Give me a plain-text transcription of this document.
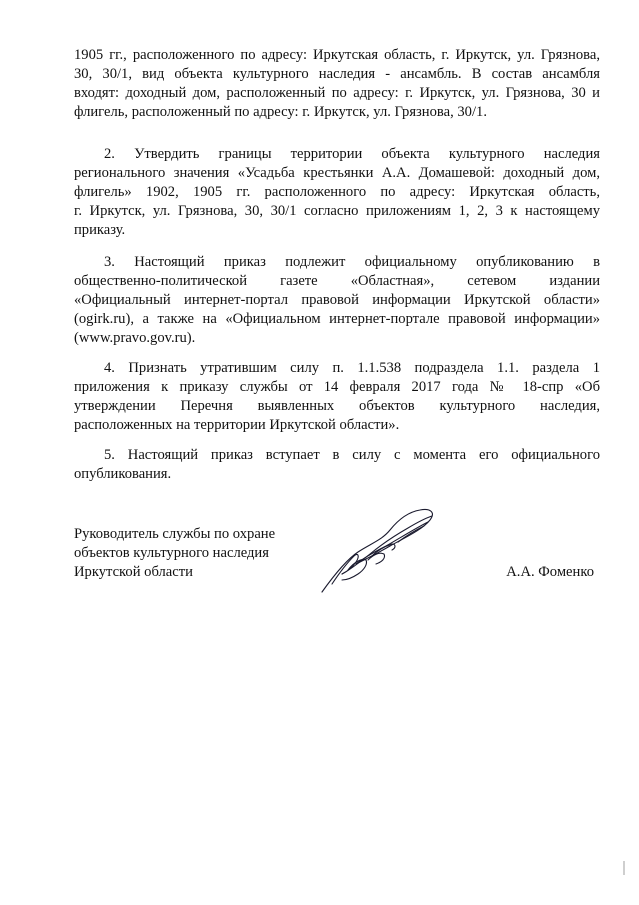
1905 гг., расположенного по адресу: Иркутская область, г. Иркутск, ул. Грязнова,
30, 30/1, вид объекта культурного наследия - ансамбль. В состав ансамбля
входят: доходный дом, расположенный по адресу: г. Иркутск, ул. Грязнова, 30 и
флигель, расположенный по адресу: г. Иркутск, ул. Грязнова, 30/1.
2. Утвердить границы территории объекта культурного наследия
регионального значения «Усадьба крестьянки А.А. Домашевой: доходный дом,
флигель» 1902, 1905 гг. расположенного по адресу: Иркутская область,
г. Иркутск, ул. Грязнова, 30, 30/1 согласно приложениям 1, 2, 3 к настоящему
приказу.
3. Настоящий приказ подлежит официальному опубликованию в
общественно-политической газете «Областная», сетевом издании
«Официальный интернет-портал правовой информации Иркутской области»
(ogirk.ru), а также на «Официальном интернет-портале правовой информации»
(www.pravo.gov.ru).
4. Признать утратившим силу п. 1.1.538 подраздела 1.1. раздела 1
приложения к приказу службы от 14 февраля 2017 года № 18-спр «Об
утверждении Перечня выявленных объектов культурного наследия,
расположенных на территории Иркутской области».
5. Настоящий приказ вступает в силу с момента его официального
опубликования.
Руководитель службы по охране
объектов культурного наследия
Иркутской области	А.А. Фоменко
